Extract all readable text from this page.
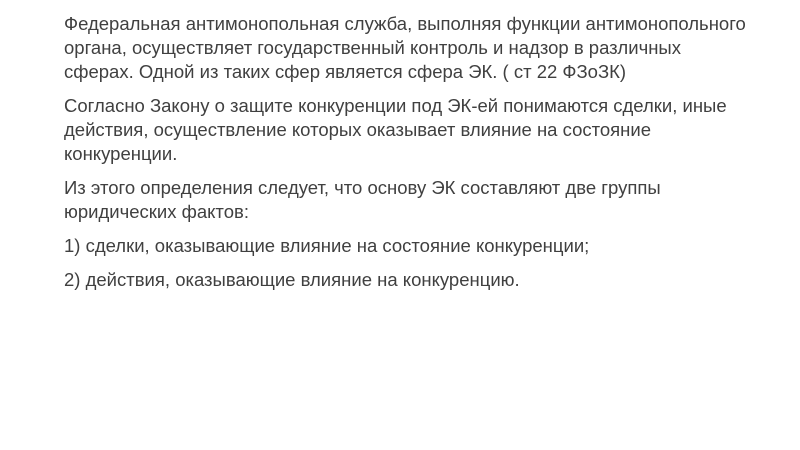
Федеральная антимонопольная служба, выполняя функции антимонопольного органа, осуществляет государственный контроль и надзор в различных сферах. Одной из таких сфер является сфера ЭК. ( ст 22 ФЗоЗК)

Согласно Закону о защите конкуренции под ЭК-ей понимаются сделки, иные действия, осуществление которых оказывает влияние на состояние конкуренции.

Из этого определения следует, что основу ЭК составляют две группы юридических фактов:

1) сделки, оказывающие влияние на состояние конкуренции;

2) действия, оказывающие влияние на конкуренцию.
